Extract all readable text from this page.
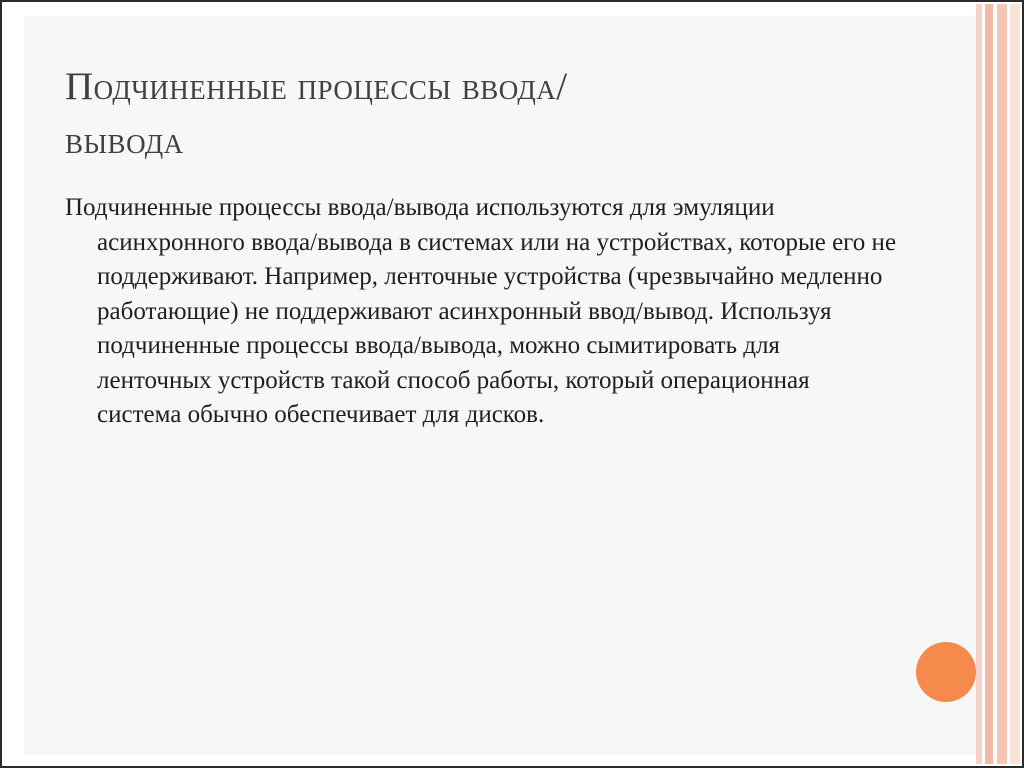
Подчиненные процессы ввода/вывода

Подчиненные процессы ввода/вывода используются для эмуляции асинхронного ввода/вывода в системах или на устройствах, которые его не поддерживают. Например, ленточные устройства (чрезвычайно медленно работающие) не поддерживают асинхронный ввод/вывод. Используя подчиненные процессы ввода/вывода, можно сымитировать для ленточных устройств такой способ работы, который операционная система обычно обеспечивает для дисков.
